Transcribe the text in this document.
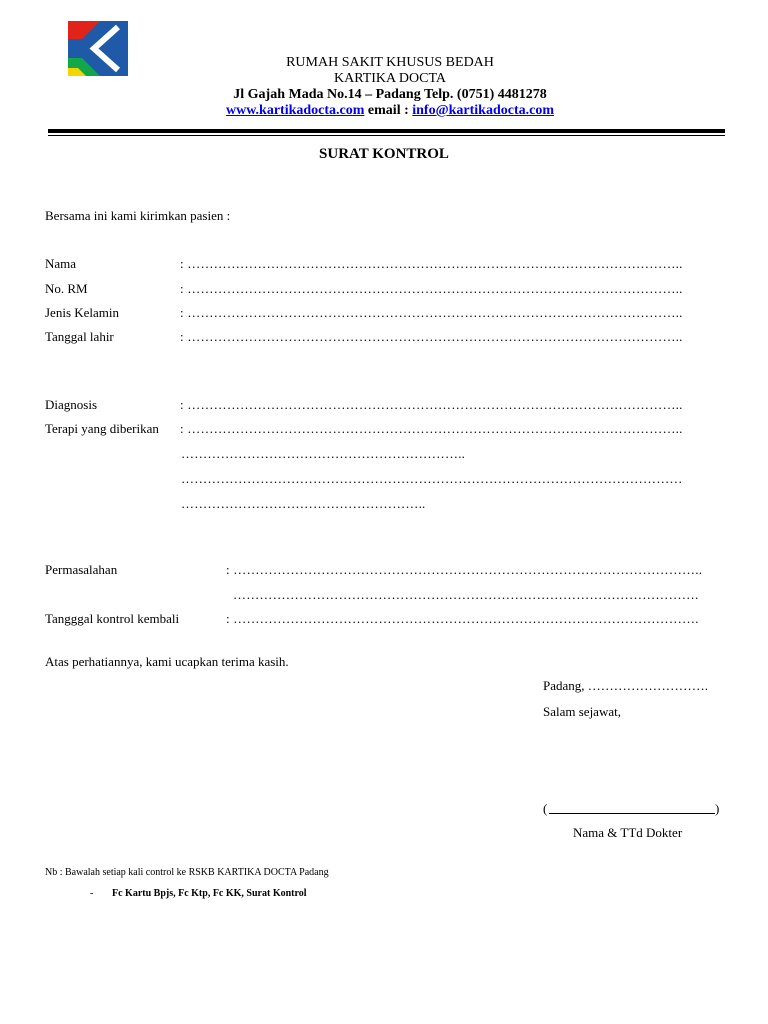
RUMAH SAKIT KHUSUS BEDAH
KARTIKA DOCTA
Jl Gajah Mada No.14 – Padang Telp. (0751) 4481278
www.kartikadocta.com email : info@kartikadocta.com
SURAT KONTROL
Bersama ini kami kirimkan pasien :
Nama	: …………………………………………………………………………………………………..
No. RM	: …………………………………………………………………………………………………..
Jenis Kelamin	: …………………………………………………………………………………………………..
Tanggal lahir	: …………………………………………………………………………………………………..
Diagnosis	: …………………………………………………………………………………………………..
Terapi yang diberikan : …………………………………………………………………………………………………..
………………………………………………………..
……………………………………………………………………………………………………
………………………………………………..
Permasalahan	: ……………………………………………………………………………………………..
…………………………………………………………………………………………….
Tangggal kontrol kembali	: …………………………………………………………………………………………….
Atas perhatiannya, kami ucapkan terima kasih.
Padang, ……………………….
Salam sejawat,
(	)
Nama & TTd Dokter
Nb : Bawalah setiap kali control ke RSKB KARTIKA DOCTA Padang
- Fc Kartu Bpjs, Fc Ktp, Fc KK, Surat Kontrol
